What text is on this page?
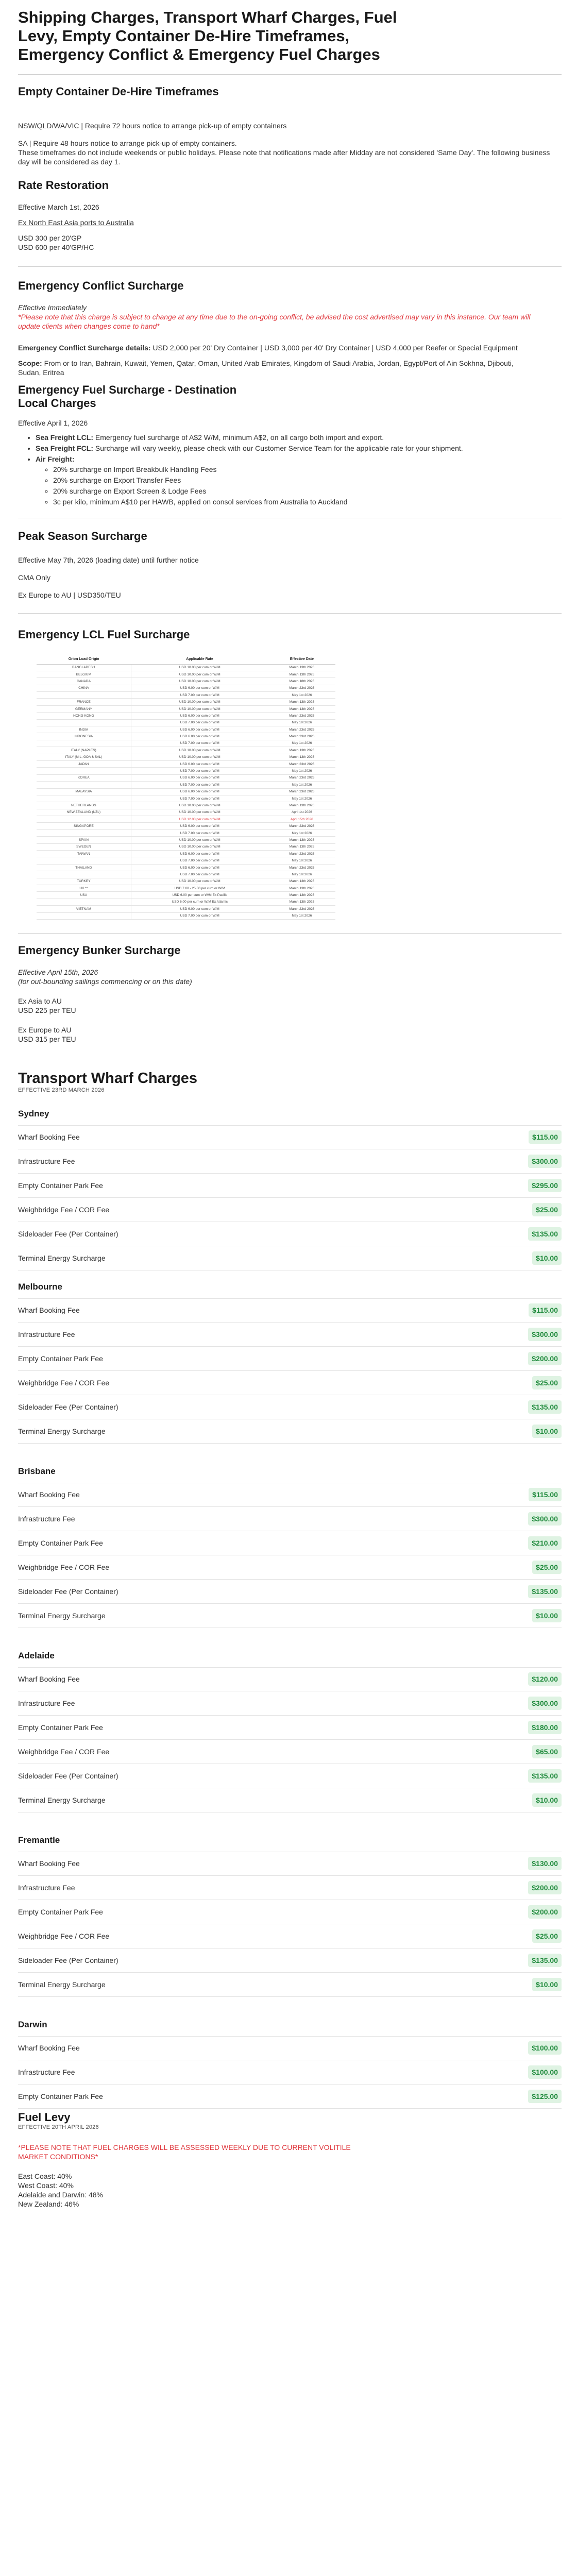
Shipping Charges, Transport Wharf Charges, Fuel Levy, Empty Container De-Hire Timeframes, Emergency Conflict & Emergency Fuel Charges
Empty Container De-Hire Timeframes

NSW/QLD/WA/VIC | Require 72 hours notice to arrange pick-up of empty containers

SA | Require 48 hours notice to arrange pick-up of empty containers.

These timeframes do not include weekends or public holidays. Please note that notifications made after Midday are not considered 'Same Day'. The following business day will be considered as day 1.

Rate Restoration

Effective March 1st, 2026

Ex North East Asia ports to Australia

USD 300 per 20'GP

USD 600 per 40'GP/HC

Emergency Conflict Surcharge

Effective Immediately

*Please note that this charge is subject to change at any time due to the on-going conflict, be advised the cost advertised may vary in this instance. Our team will update clients when changes come to hand*

Emergency Conflict Surcharge details: USD 2,000 per 20' Dry Container | USD 3,000 per 40' Dry Container | USD 4,000 per Reefer or Special Equipment

Scope: From or to Iran, Bahrain, Kuwait, Yemen, Qatar, Oman, United Arab Emirates, Kingdom of Saudi Arabia, Jordan, Egypt/Port of Ain Sokhna, Djibouti, Sudan, Eritrea

Emergency Fuel Surcharge - Destination Local Charges

Effective April 1, 2026

• Sea Freight LCL: Emergency fuel surcharge of A$2 W/M, minimum A$2, on all cargo both import and export.
• Sea Freight FCL: Surcharge will vary weekly, please check with our Customer Service Team for the applicable rate for your shipment.
• Air Freight:
◦ 20% surcharge on Import Breakbulk Handling Fees
◦ 20% surcharge on Export Transfer Fees
◦ 20% surcharge on Export Screen & Lodge Fees
◦ 3c per kilo, minimum A$10 per HAWB, applied on consol services from Australia to Auckland
Peak Season Surcharge

Effective May 7th, 2026 (loading date) until further notice

CMA Only

Ex Europe to AU | USD350/TEU

Emergency LCL Fuel Surcharge
Orion Load Origin	Applicable Rate	Effective Date
BANGLADESH	USD 10.00 per cum or W/M	March 13th 2026
BELGIUM	USD 10.00 per cum or W/M	March 13th 2026
CANADA	USD 10.00 per cum or W/M	March 18th 2026
CHINA	USD 6.00 per cum or W/M	March 23rd 2026
	USD 7.00 per cum or W/M	May 1st 2026
FRANCE	USD 10.00 per cum or W/M	March 13th 2026
GERMANY	USD 10.00 per cum or W/M	March 13th 2026
HONG KONG	USD 6.00 per cum or W/M	March 23rd 2026
	USD 7.00 per cum or W/M	May 1st 2026
INDIA	USD 6.00 per cum or W/M	March 23rd 2026
INDONESIA	USD 6.00 per cum or W/M	March 23rd 2026
	USD 7.00 per cum or W/M	May 1st 2026
ITALY (NAPLES)	USD 10.00 per cum or W/M	March 13th 2026
ITALY (MIL, GOA & SAL)	USD 10.00 per cum or W/M	March 13th 2026
JAPAN	USD 6.00 per cum or W/M	March 23rd 2026
	USD 7.00 per cum or W/M	May 1st 2026
KOREA	USD 6.00 per cum or W/M	March 23rd 2026
	USD 7.00 per cum or W/M	May 1st 2026
MALAYSIA	USD 6.00 per cum or W/M	March 23rd 2026
	USD 7.00 per cum or W/M	May 1st 2026
NETHERLANDS	USD 10.00 per cum or W/M	March 13th 2026
NEW ZEALAND (NZL)	USD 10.00 per cum or W/M	April 1st 2026
	USD 12.00 per cum or W/M	April 15th 2026
SINGAPORE	USD 6.00 per cum or W/M	March 23rd 2026
	USD 7.00 per cum or W/M	May 1st 2026
SPAIN	USD 10.00 per cum or W/M	March 13th 2026
SWEDEN	USD 10.00 per cum or W/M	March 13th 2026
TAIWAN	USD 6.00 per cum or W/M	March 23rd 2026
	USD 7.00 per cum or W/M	May 1st 2026
THAILAND	USD 6.00 per cum or W/M	March 23rd 2026
	USD 7.00 per cum or W/M	May 1st 2026
TURKEY	USD 10.00 per cum or W/M	March 13th 2026
UK **	USD 7.00 - 25.00 per cum or W/M	March 13th 2026
USA	USD 6.00 per cum or W/M Ex Pacific	March 13th 2026
	USD 6.00 per cum or W/M Ex Atlantic	March 13th 2026
VIETNAM	USD 6.00 per cum or W/M	March 23rd 2026
	USD 7.00 per cum or W/M	May 1st 2026
Emergency Bunker Surcharge

Effective April 15th, 2026

(for out-bounding sailings commencing or on this date)

Ex Asia to AU

USD 225 per TEU

Ex Europe to AU

USD 315 per TEU

Transport Wharf Charges
EFFECTIVE 23RD MARCH 2026
Sydney
Wharf Booking Fee	$115.00
Infrastructure Fee	$300.00
Empty Container Park Fee	$295.00
Weighbridge Fee / COR Fee	$25.00
Sideloader Fee (Per Container)	$135.00
Terminal Energy Surcharge	$10.00
Melbourne
Wharf Booking Fee	$115.00
Infrastructure Fee	$300.00
Empty Container Park Fee	$200.00
Weighbridge Fee / COR Fee	$25.00
Sideloader Fee (Per Container)	$135.00
Terminal Energy Surcharge	$10.00
Brisbane
Wharf Booking Fee	$115.00
Infrastructure Fee	$300.00
Empty Container Park Fee	$210.00
Weighbridge Fee / COR Fee	$25.00
Sideloader Fee (Per Container)	$135.00
Terminal Energy Surcharge	$10.00
Adelaide
Wharf Booking Fee	$120.00
Infrastructure Fee	$300.00
Empty Container Park Fee	$180.00
Weighbridge Fee / COR Fee	$65.00
Sideloader Fee (Per Container)	$135.00
Terminal Energy Surcharge	$10.00
Fremantle
Wharf Booking Fee	$130.00
Infrastructure Fee	$200.00
Empty Container Park Fee	$200.00
Weighbridge Fee / COR Fee	$25.00
Sideloader Fee (Per Container)	$135.00
Terminal Energy Surcharge	$10.00
Darwin
Wharf Booking Fee	$100.00
Infrastructure Fee	$100.00
Empty Container Park Fee	$125.00
Fuel Levy
EFFECTIVE 20TH APRIL 2026

*PLEASE NOTE THAT FUEL CHARGES WILL BE ASSESSED WEEKLY DUE TO CURRENT VOLITILE MARKET CONDITIONS*

East Coast: 40%

West Coast: 40%

Adelaide and Darwin: 48%

New Zealand: 46%
